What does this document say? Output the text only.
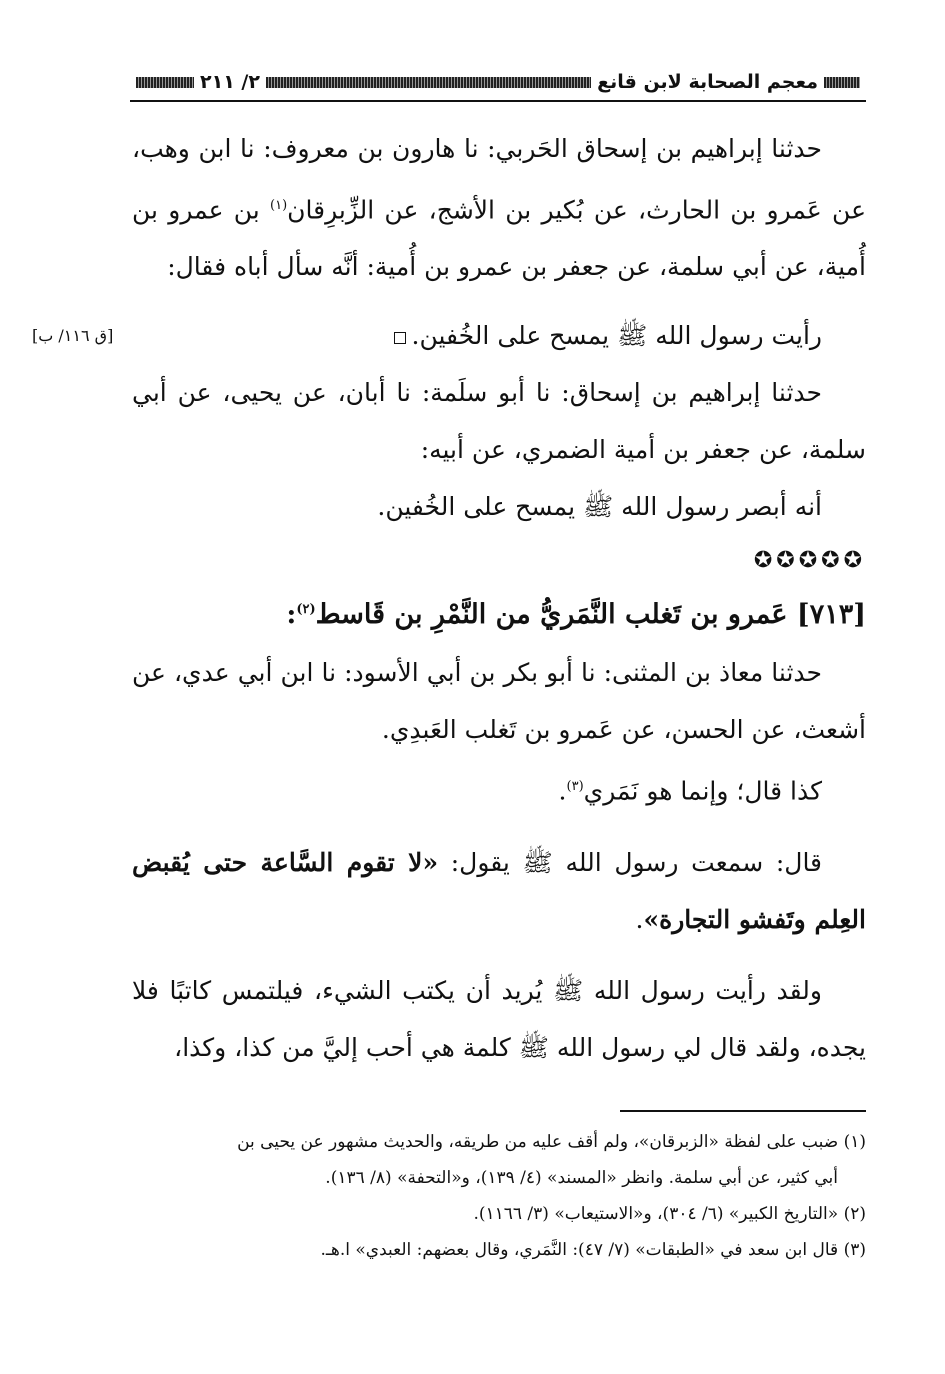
معجم الصحابة لابن قانع
٢/ ٢١١

حدثنا إبراهيم بن إسحاق الحَربي: نا هارون بن معروف: نا ابن وهب، عن عَمرو بن الحارث، عن بُكير بن الأشج، عن الزِّبرِقان$^{(١)}$ بن عمرو بن أُمية، عن أبي سلمة، عن جعفر بن عمرو بن أُمية: أنَّه سأل أباه فقال:

رأيت رسول الله ﷺ يمسح على الخُفين.
[ق ١١٦/ ب]

حدثنا إبراهيم بن إسحاق: نا أبو سلَمة: نا أبان، عن يحيى، عن أبي سلمة، عن جعفر بن أمية الضمري، عن أبيه:

أنه أبصر رسول الله ﷺ يمسح على الخُفين.

✪✪✪✪✪

[٧١٣] عَمرو بن تَغلب النَّمَريُّ من النَّمْرِ بن قَاسط$^{(٢)}$:

حدثنا معاذ بن المثنى: نا أبو بكر بن أبي الأسود: نا ابن أبي عدي، عن أشعث، عن الحسن، عن عَمرو بن تَغلب العَبدِي.

كذا قال؛ وإنما هو نَمَري$^{(٣)}$.

قال: سمعت رسول الله ﷺ يقول: «لا تقوم السَّاعة حتى يُقبض العِلم وتَفشو التجارة».

ولقد رأيت رسول الله ﷺ يُريد أن يكتب الشيء، فيلتمس كاتبًا فلا يجده، ولقد قال لي رسول الله ﷺ كلمة هي أحب إليَّ من كذا، وكذا،

(١) ضبب على لفظة «الزبرقان»، ولم أقف عليه من طريقه، والحديث مشهور عن يحيى بن

أبي كثير، عن أبي سلمة. وانظر «المسند» (٤/ ١٣٩)، و«التحفة» (٨/ ١٣٦).

(٢) «التاريخ الكبير» (٦/ ٣٠٤)، و«الاستيعاب» (٣/ ١١٦٦).

(٣) قال ابن سعد في «الطبقات» (٧/ ٤٧): النَّمَري، وقال بعضهم: العبدي» ا.هـ.
